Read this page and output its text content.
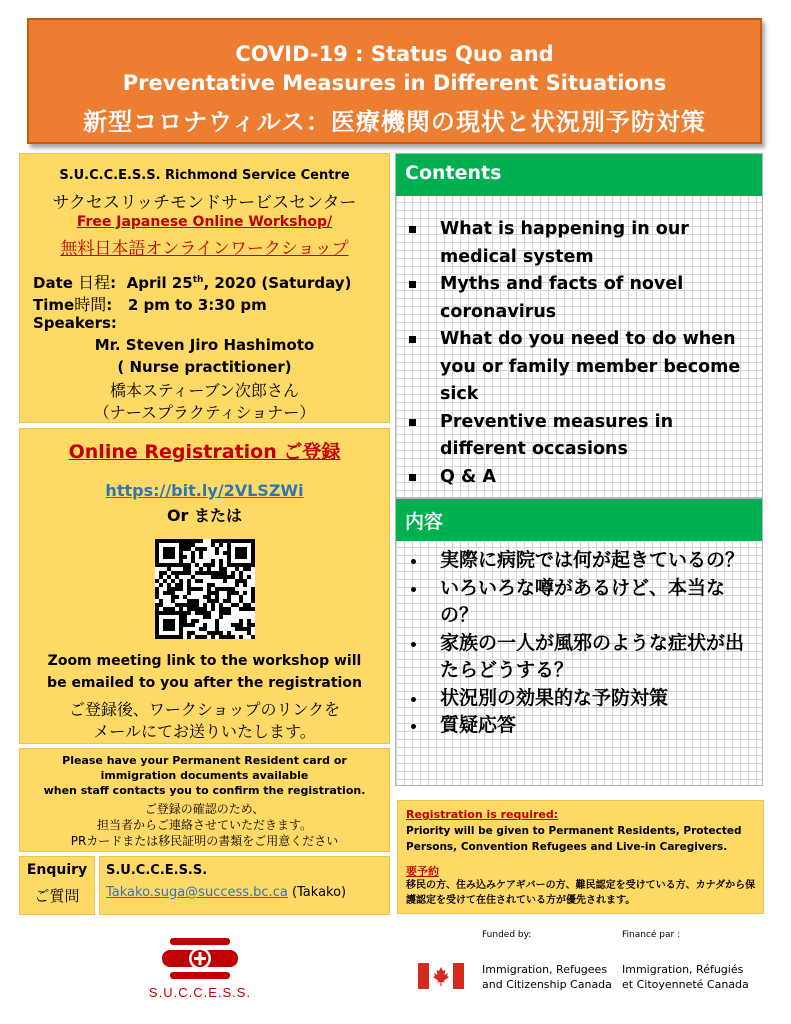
COVID-19 : Status Quo and
Preventative Measures in Different Situations
新型コロナウィルス：医療機関の現状と状況別予防対策
S.U.C.C.E.S.S. Richmond Service Centre
サクセスリッチモンドサービスセンター
Free Japanese Online Workshop/
無料日本語オンラインワークショップ
Date 日程:  April 25th, 2020 (Saturday)
Time時間:   2 pm to 3:30 pm
Speakers:
Mr. Steven Jiro Hashimoto
( Nurse practitioner)
橋本スティーブン次郎さん
（ナースプラクティショナー）
Online Registration ご登録
https://bit.ly/2VLSZWi
Or または
Zoom meeting link to the workshop will
be emailed to you after the registration
ご登録後、ワークショップのリンクを
メールにてお送りいたします。
Please have your Permanent Resident card or
immigration documents available
when staff contacts you to confirm the registration.
ご登録の確認のため、
担当者からご連絡させていただきます。
PRカードまたは移民証明の書類をご用意ください
Enquiry
ご質問
S.U.C.C.E.S.S.
Takako.suga@success.bc.ca (Takako)
Contents
What is happening in our medical system
Myths and facts of novel coronavirus
What do you need to do when you or family member become sick
Preventive measures in different occasions
Q & A
内容
実際に病院では何が起きているの？
いろいろな噂があるけど、本当なの？
家族の一人が風邪のような症状が出たらどうする？
状況別の効果的な予防対策
質疑応答
Registration is required:
Priority will be given to Permanent Residents, Protected Persons, Convention Refugees and Live-in Caregivers.
要予約
移民の方、住み込みケアギバーの方、難民認定を受けている方、カナダから保護認定を受けて在住されている方が優先されます。
S.U.C.C.E.S.S.
Funded by:	Financé par :
Immigration, Refugees
and Citizenship Canada
Immigration, Réfugiés
et Citoyenneté Canada
